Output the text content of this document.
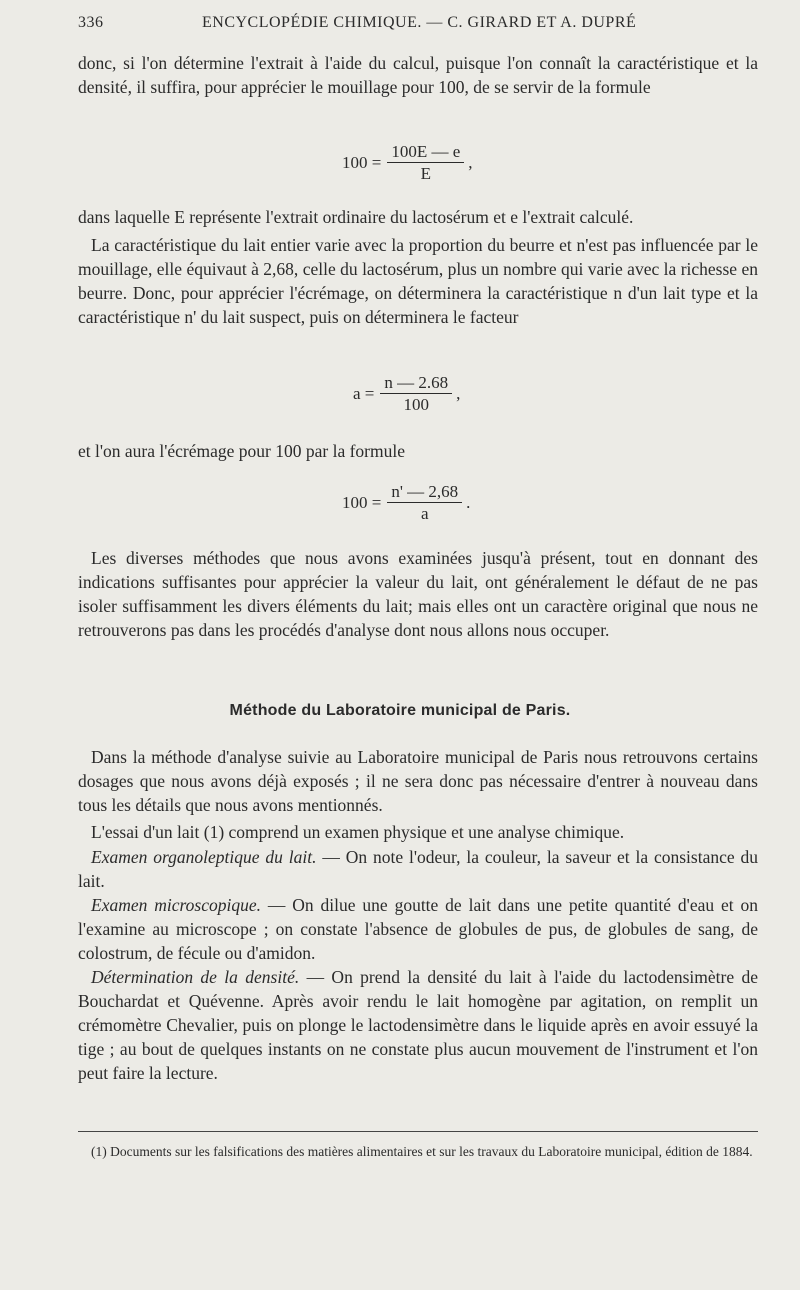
336	ENCYCLOPÉDIE CHIMIQUE. — C. GIRARD ET A. DUPRÉ

donc, si l'on détermine l'extrait à l'aide du calcul, puisque l'on connaît la caractéristique et la densité, il suffira, pour apprécier le mouillage pour 100, de se servir de la formule

$100 = \frac{100E — e}{E}$ ,

dans laquelle E représente l'extrait ordinaire du lactosérum et e l'extrait calculé.

La caractéristique du lait entier varie avec la proportion du beurre et n'est pas influencée par le mouillage, elle équivaut à 2,68, celle du lactosérum, plus un nombre qui varie avec la richesse en beurre. Donc, pour apprécier l'écrémage, on déterminera la caractéristique n d'un lait type et la caractéristique n' du lait suspect, puis on déterminera le facteur

$a = \frac{n — 2.68}{100}$ ,

et l'on aura l'écrémage pour 100 par la formule

$100 = \frac{n' — 2,68}{a}$ .

Les diverses méthodes que nous avons examinées jusqu'à présent, tout en donnant des indications suffisantes pour apprécier la valeur du lait, ont généralement le défaut de ne pas isoler suffisamment les divers éléments du lait; mais elles ont un caractère original que nous ne retrouverons pas dans les procédés d'analyse dont nous allons nous occuper.

Méthode du Laboratoire municipal de Paris.

Dans la méthode d'analyse suivie au Laboratoire municipal de Paris nous retrouvons certains dosages que nous avons déjà exposés ; il ne sera donc pas nécessaire d'entrer à nouveau dans tous les détails que nous avons mentionnés.

L'essai d'un lait (1) comprend un examen physique et une analyse chimique.

Examen organoleptique du lait. — On note l'odeur, la couleur, la saveur et la consistance du lait.

Examen microscopique. — On dilue une goutte de lait dans une petite quantité d'eau et on l'examine au microscope ; on constate l'absence de globules de pus, de globules de sang, de colostrum, de fécule ou d'amidon.

Détermination de la densité. — On prend la densité du lait à l'aide du lactodensimètre de Bouchardat et Quévenne. Après avoir rendu le lait homogène par agitation, on remplit un crémomètre Chevalier, puis on plonge le lactodensimètre dans le liquide après en avoir essuyé la tige ; au bout de quelques instants on ne constate plus aucun mouvement de l'instrument et l'on peut faire la lecture.

(1) Documents sur les falsifications des matières alimentaires et sur les travaux du Laboratoire municipal, édition de 1884.
